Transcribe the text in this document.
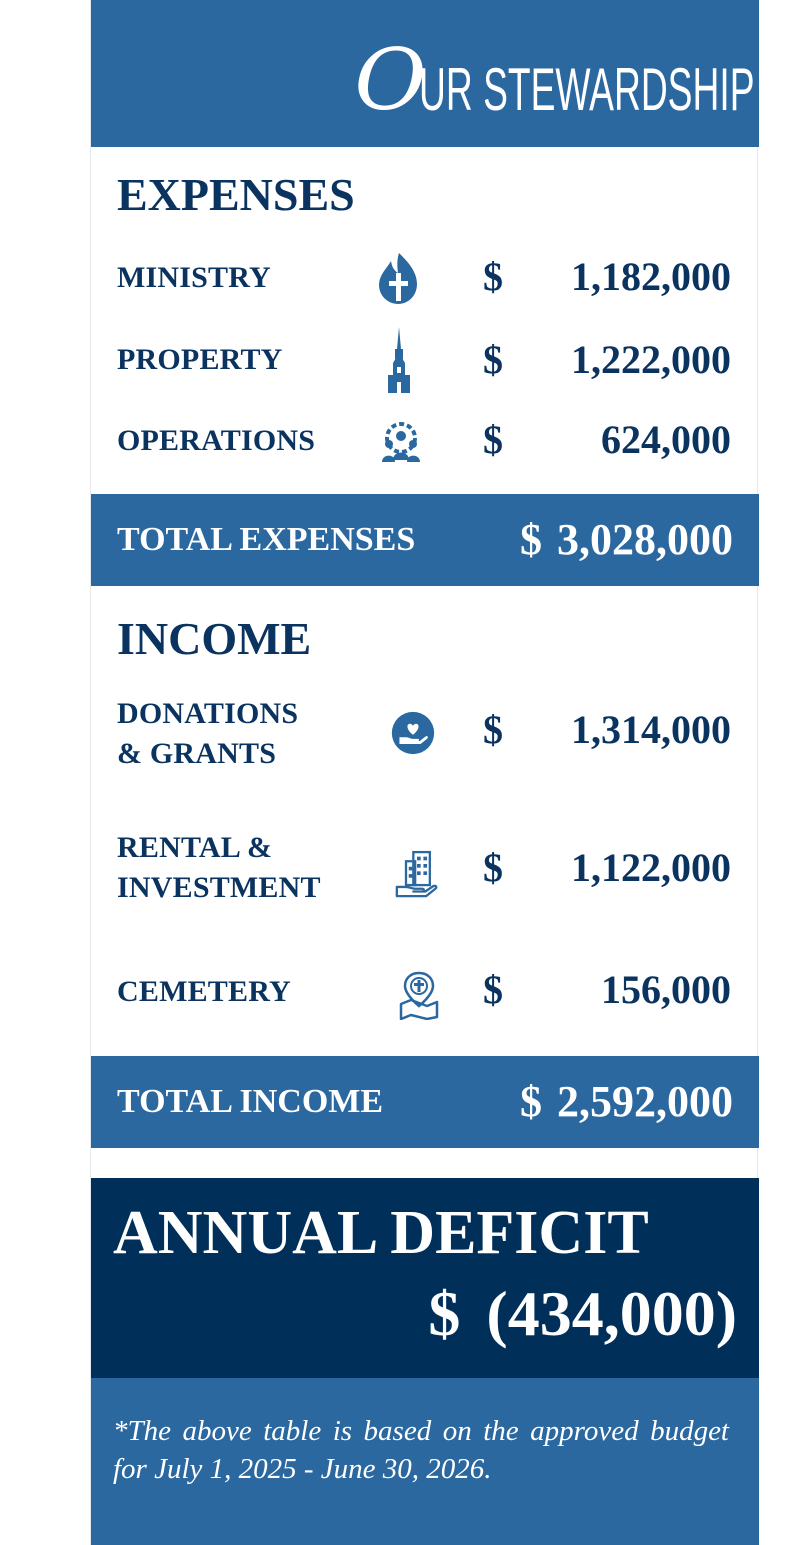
O
UR STEWARDSHIP
EXPENSES
MINISTRY	$ 1,182,000
PROPERTY	$ 1,222,000
OPERATIONS	$ 624,000
TOTAL EXPENSES $ 3,028,000
INCOME
DONATIONS
& GRANTS
$ 1,314,000
RENTAL &
INVESTMENT	$ 1,122,000
CEMETERY	$ 156,000
TOTAL INCOME	$ 2,592,000
ANNUAL DEFICIT
$ (434,000)
*The above table is based on the approved budget for July 1, 2025 - June 30, 2026.
